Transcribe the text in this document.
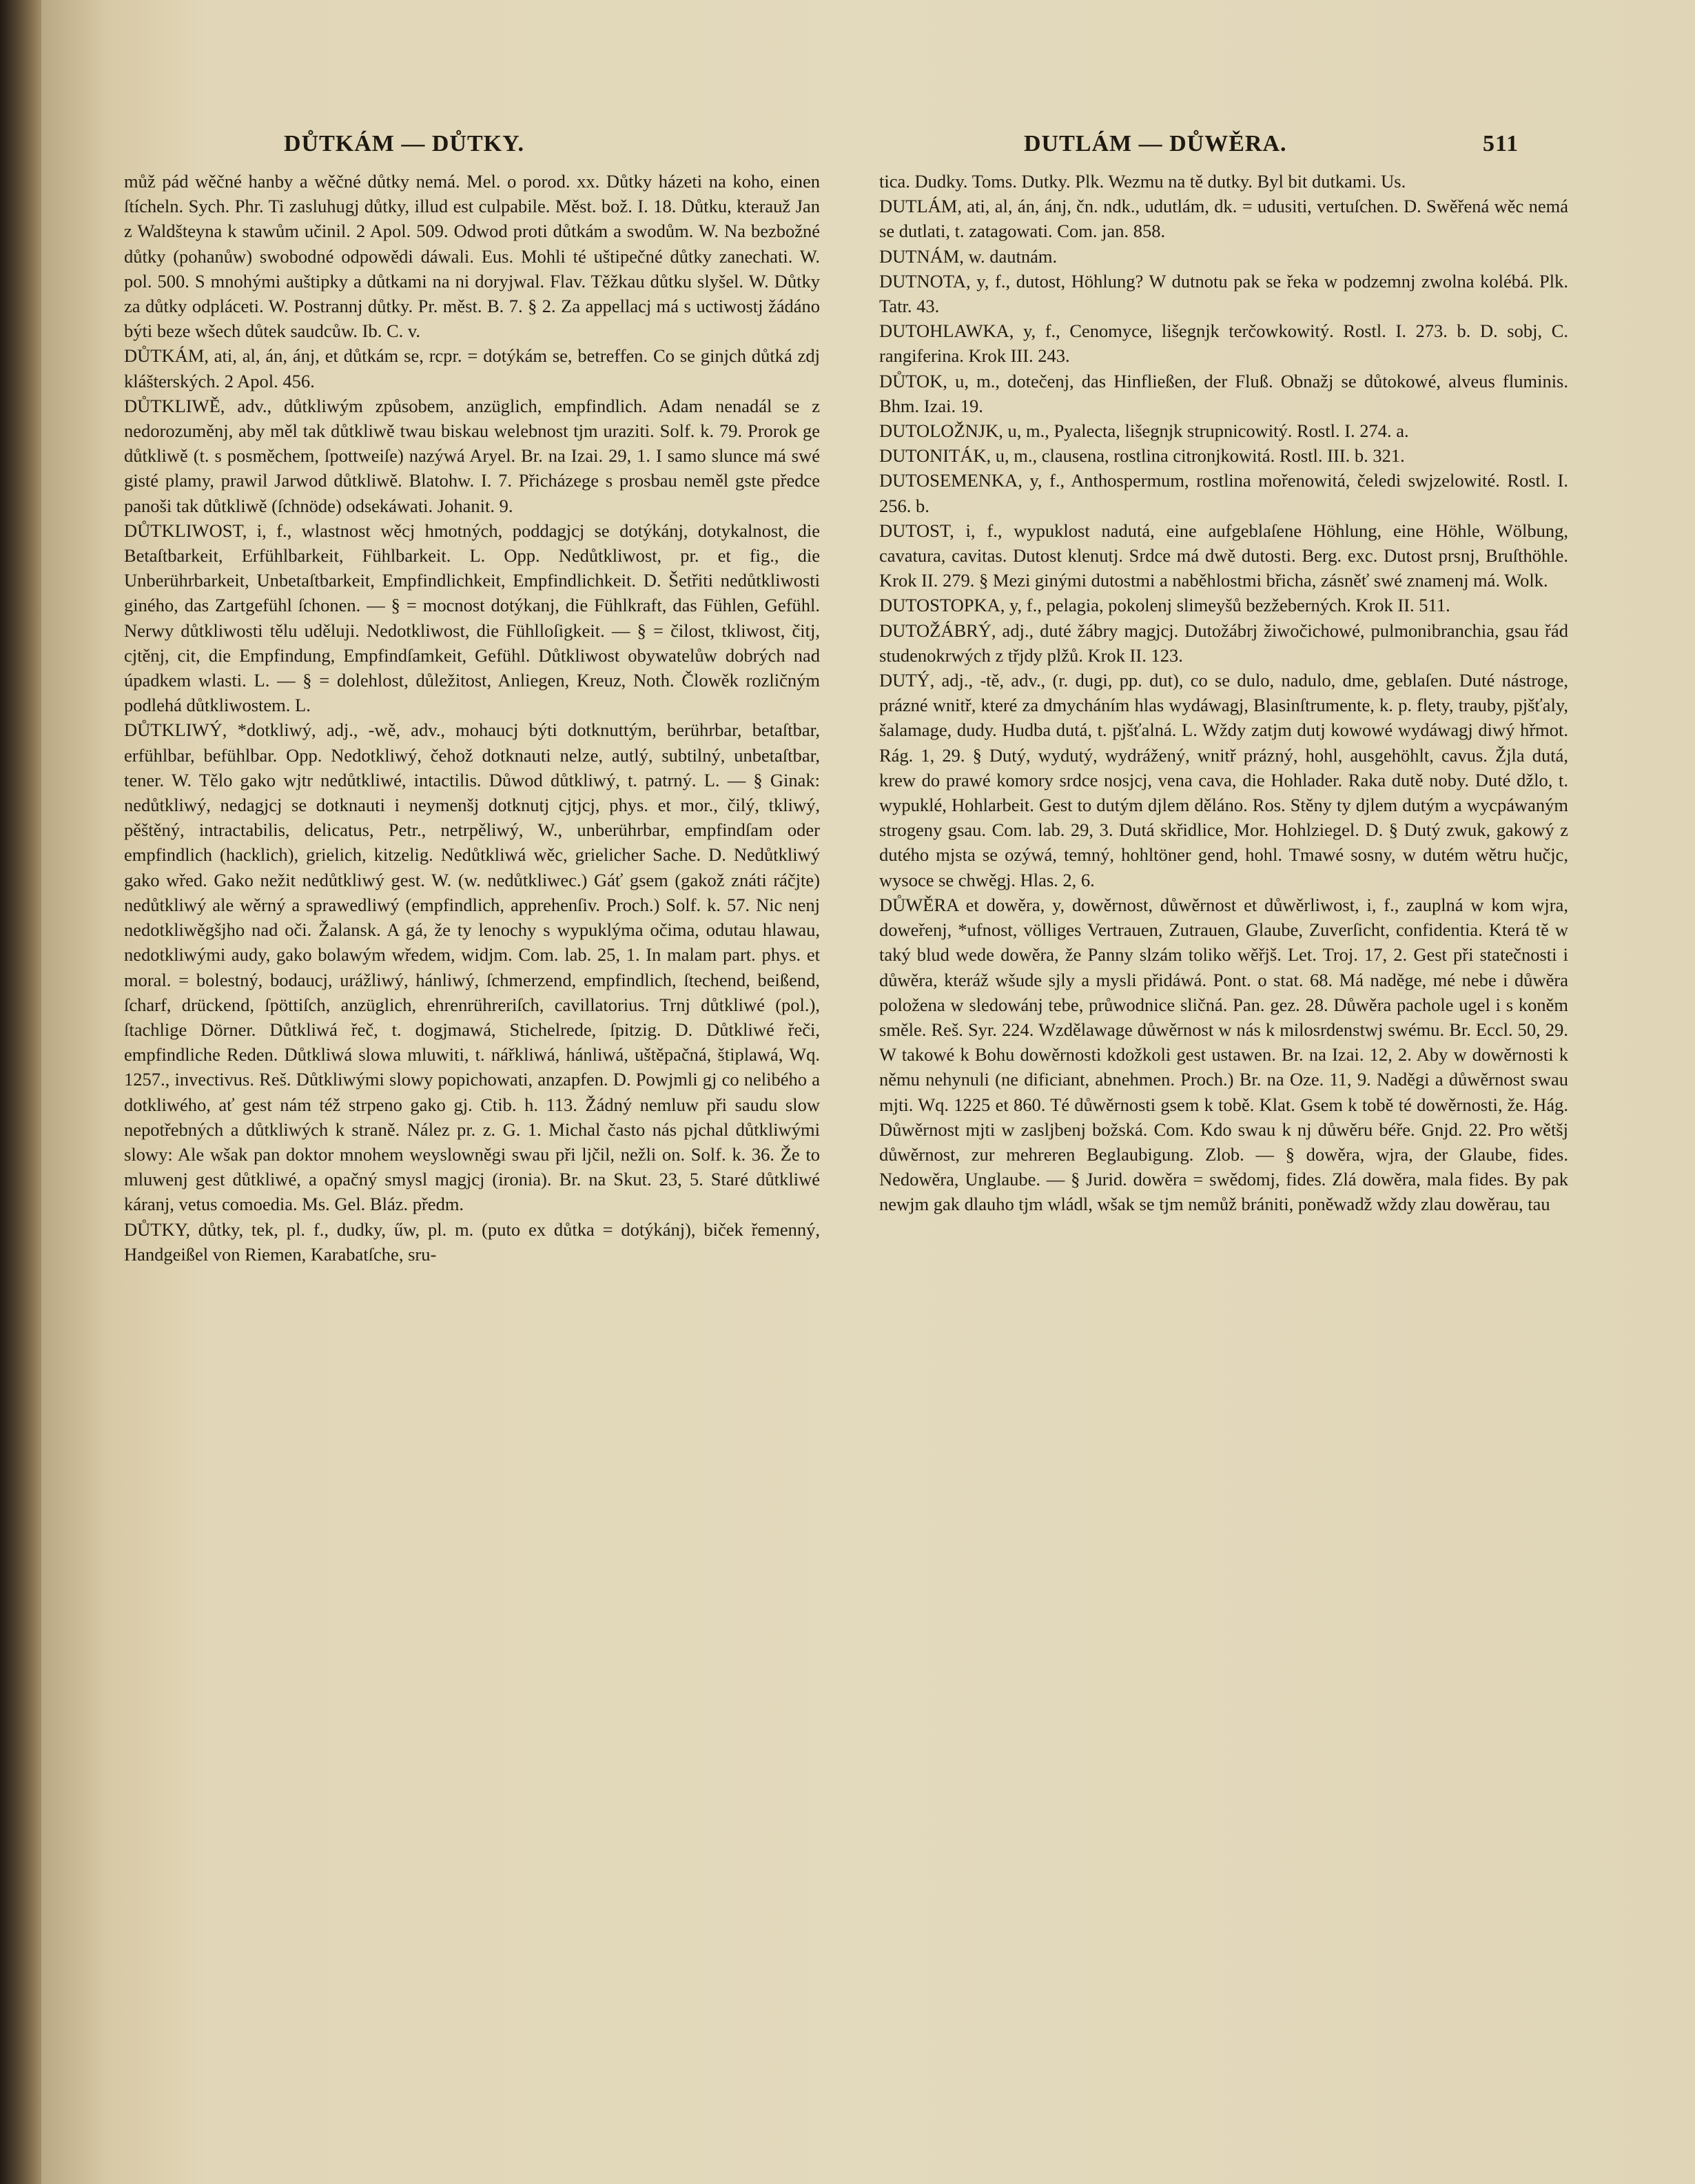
DŮTKÁM — DŮTKY.	DUTLÁM — DŮWĚRA.	511

můž pád wěčné hanby a wěčné důtky nemá. Mel. o porod. xx. Důtky házeti na koho, einen ſtícheln. Sych. Phr. Ti zasluhugj důtky, illud est culpabile. Měst. bož. I. 18. Důtku, kterauž Jan z Waldšteyna k stawům učinil. 2 Apol. 509. Odwod proti důtkám a swodům. W. Na bezbožné důtky (pohanůw) swobodné odpowědi dáwali. Eus. Mohli té uštipečné důtky zanechati. W. pol. 500. S mnohými auštipky a důtkami na ni doryjwal. Flav. Těžkau důtku slyšel. W. Důtky za důtky odpláceti. W. Postrannj důtky. Pr. měst. B. 7. § 2. Za appellacj má s uctiwostj žádáno býti beze wšech důtek saudcůw. Ib. C. v.

DŮTKÁM, ati, al, án, ánj, et důtkám se, rcpr. = dotýkám se, betreffen. Co se ginjch důtká zdj klášterských. 2 Apol. 456.

DŮTKLIWĚ, adv., důtkliwým způsobem, anzüglich, empfindlich. Adam nenadál se z nedorozuměnj, aby měl tak důtkliwě twau biskau welebnost tjm uraziti. Solf. k. 79. Prorok ge důtkliwě (t. s posměchem, ſpottweiſe) nazýwá Aryel. Br. na Izai. 29, 1. I samo slunce má swé gisté plamy, prawil Jarwod důtkliwě. Blatohw. I. 7. Přicházege s prosbau neměl gste předce panoši tak důtkliwě (ſchnöde) odsekáwati. Johanit. 9.

DŮTKLIWOST, i, f., wlastnost wěcj hmotných, poddagjcj se dotýkánj, dotykalnost, die Betaſtbarkeit, Erfühlbarkeit, Fühlbarkeit. L. Opp. Nedůtkliwost, pr. et fig., die Unberührbarkeit, Unbetaſtbarkeit, Empfindlichkeit, Empfindlichkeit. D. Šetřiti nedůtkliwosti giného, das Zartgefühl ſchonen. — § = mocnost dotýkanj, die Fühlkraft, das Fühlen, Gefühl. Nerwy důtkliwosti tělu uděluji. Nedotkliwost, die Fühlloſigkeit. — § = čilost, tkliwost, čitj, cjtěnj, cit, die Empfindung, Empfindſamkeit, Gefühl. Důtkliwost obywatelůw dobrých nad úpadkem wlasti. L. — § = dolehlost, důležitost, Anliegen, Kreuz, Noth. Člowěk rozličným podlehá důtkliwostem. L.

DŮTKLIWÝ, *dotkliwý, adj., -wě, adv., mohaucj býti dotknuttým, berührbar, betaſtbar, erfühlbar, befühlbar. Opp. Nedotkliwý, čehož dotknauti nelze, autlý, subtilný, unbetaſtbar, tener. W. Tělo gako wjtr nedůtkliwé, intactilis. Důwod důtkliwý, t. patrný. L. — § Ginak: nedůtkliwý, nedagjcj se dotknauti i neymenšj dotknutj cjtjcj, phys. et mor., čilý, tkliwý, pěštěný, intractabilis, delicatus, Petr., netrpěliwý, W., unberührbar, empfindſam oder empfindlich (hacklich), grielich, kitzelig. Nedůtkliwá wěc, grielicher Sache. D. Nedůtkliwý gako wřed. Gako nežit nedůtkliwý gest. W. (w. nedůtkliwec.) Gáť gsem (gakož znáti ráčjte) nedůtkliwý ale wěrný a sprawedliwý (empfindlich, apprehenſiv. Proch.) Solf. k. 57. Nic nenj nedotkliwěgšjho nad oči. Žalansk. A gá, že ty lenochy s wypuklýma očima, odutau hlawau, nedotkliwými audy, gako bolawým wředem, widjm. Com. lab. 25, 1. In malam part. phys. et moral. = bolestný, bodaucj, urážliwý, hánliwý, ſchmerzend, empfindlich, ſtechend, beißend, ſcharf, drückend, ſpöttiſch, anzüglich, ehrenrühreriſch, cavillatorius. Trnj důtkliwé (pol.), ſtachlige Dörner. Důtkliwá řeč, t. dogjmawá, Stichelrede, ſpitzig. D. Důtkliwé řeči, empfindliche Reden. Důtkliwá slowa mluwiti, t. nářkliwá, hánliwá, uštěpačná, štiplawá, Wq. 1257., invectivus. Reš. Důtkliwými slowy popichowati, anzapfen. D. Powjmli gj co nelibého a dotkliwého, ať gest nám též strpeno gako gj. Ctib. h. 113. Žádný nemluw při saudu slow nepotřebných a důtkliwých k straně. Nález pr. z. G. 1. Michal často nás pjchal důtkliwými slowy: Ale wšak pan doktor mnohem weyslowněgi swau při ljčil, nežli on. Solf. k. 36. Že to mluwenj gest důtkliwé, a opačný smysl magjcj (ironia). Br. na Skut. 23, 5. Staré důtkliwé káranj, vetus comoedia. Ms. Gel. Bláz. předm.

DŮTKY, důtky, tek, pl. f., dudky, űw, pl. m. (puto ex důtka = dotýkánj), biček řemenný, Handgeißel von Riemen, Karabatſche, sru-

tica. Dudky. Toms. Dutky. Plk. Wezmu na tě dutky. Byl bit dutkami. Us.

DUTLÁM, ati, al, án, ánj, čn. ndk., udutlám, dk. = udusiti, vertuſchen. D. Swěřená wěc nemá se dutlati, t. zatagowati. Com. jan. 858.

DUTNÁM, w. dautnám.

DUTNOTA, y, f., dutost, Höhlung? W dutnotu pak se řeka w podzemnj zwolna kolébá. Plk. Tatr. 43.

DUTOHLAWKA, y, f., Cenomyce, lišegnjk terčowkowitý. Rostl. I. 273. b. D. sobj, C. rangiferina. Krok III. 243.

DŮTOK, u, m., dotečenj, das Hinfließen, der Fluß. Obnažj se důtokowé, alveus fluminis. Bhm. Izai. 19.

DUTOLOŽNJK, u, m., Pyalecta, lišegnjk strupnicowitý. Rostl. I. 274. a.

DUTONITÁK, u, m., clausena, rostlina citronjkowitá. Rostl. III. b. 321.

DUTOSEMENKA, y, f., Anthospermum, rostlina mořenowitá, čeledi swjzelowité. Rostl. I. 256. b.

DUTOST, i, f., wypuklost nadutá, eine aufgeblaſene Höhlung, eine Höhle, Wölbung, cavatura, cavitas. Dutost klenutj. Srdce má dwě dutosti. Berg. exc. Dutost prsnj, Bruſthöhle. Krok II. 279. § Mezi ginými dutostmi a naběhlostmi břicha, zásněť swé znamenj má. Wolk.

DUTOSTOPKA, y, f., pelagia, pokolenj slimeyšů bezžeberných. Krok II. 511.

DUTOŽÁBRÝ, adj., duté žábry magjcj. Dutožábrj žiwočichowé, pulmonibranchia, gsau řád studenokrwých z třjdy plžů. Krok II. 123.

DUTÝ, adj., -tě, adv., (r. dugi, pp. dut), co se dulo, nadulo, dme, geblaſen. Duté nástroge, prázné wnitř, které za dmycháním hlas wydáwagj, Blasinſtrumente, k. p. flety, trauby, pjšťaly, šalamage, dudy. Hudba dutá, t. pjšťalná. L. Wždy zatjm dutj kowowé wydáwagj diwý hřmot. Rág. 1, 29. § Dutý, wydutý, wydrážený, wnitř prázný, hohl, ausgehöhlt, cavus. Žjla dutá, krew do prawé komory srdce nosjcj, vena cava, die Hohlader. Raka dutě noby. Duté džlo, t. wypuklé, Hohlarbeit. Gest to dutým djlem děláno. Ros. Stěny ty djlem dutým a wycpáwaným strogeny gsau. Com. lab. 29, 3. Dutá skřidlice, Mor. Hohlziegel. D. § Dutý zwuk, gakowý z dutého mjsta se ozýwá, temný, hohltöner gend, hohl. Tmawé sosny, w dutém wětru hučjc, wysoce se chwěgj. Hlas. 2, 6.

DŮWĚRA et dowěra, y, dowěrnost, důwěrnost et důwěrliwost, i, f., zauplná w kom wjra, doweřenj, *ufnost, völliges Vertrauen, Zutrauen, Glaube, Zuverſicht, confidentia. Která tě w taký blud wede dowěra, že Panny slzám toliko wěřjš. Let. Troj. 17, 2. Gest při statečnosti i důwěra, kteráž wšude sjly a mysli přidáwá. Pont. o stat. 68. Má naděge, mé nebe i důwěra položena w sledowánj tebe, průwodnice sličná. Pan. gez. 28. Důwěra pachole ugel i s koněm směle. Reš. Syr. 224. Wzdělawage důwěrnost w nás k milosrdenstwj swému. Br. Eccl. 50, 29. W takowé k Bohu dowěrnosti kdožkoli gest ustawen. Br. na Izai. 12, 2. Aby w dowěrnosti k němu nehynuli (ne dificiant, abnehmen. Proch.) Br. na Oze. 11, 9. Naděgi a důwěrnost swau mjti. Wq. 1225 et 860. Té důwěrnosti gsem k tobě. Klat. Gsem k tobě té dowěrnosti, že. Hág. Důwěrnost mjti w zaslјbenj božská. Com. Kdo swau k nj důwěru béře. Gnjd. 22. Pro wětšj důwěrnost, zur mehreren Beglaubigung. Zlob. — § dowěra, wjra, der Glaube, fides. Nedowěra, Unglaube. — § Jurid. dowěra = swědomj, fides. Zlá dowěra, mala fides. By pak newjm gak dlauho tjm wládl, wšak se tjm nemůž brániti, poněwadž wždy zlau dowěrau, tau
